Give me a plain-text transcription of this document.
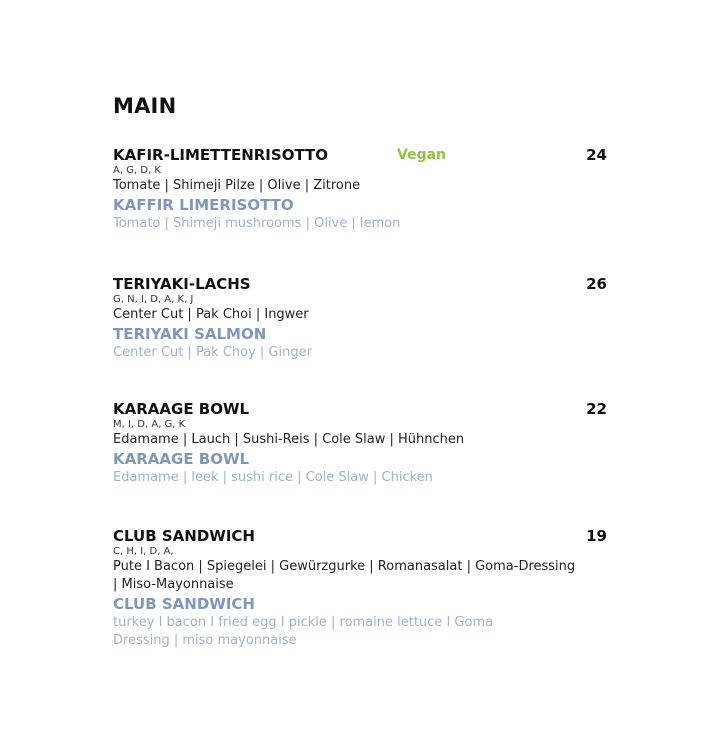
MAIN
KAFIR-LIMETTENRISOTTO	Vegan	24
A, G, D, K
Tomate | Shimeji Pilze | Olive | Zitrone
KAFFIR LIMERISOTTO
Tomato | Shimeji mushrooms | Olive | lemon
TERIYAKI-LACHS	26
G, N, I, D, A, K, J
Center Cut | Pak Choi | Ingwer
TERIYAKI SALMON
Center Cut | Pak Choy | Ginger
KARAAGE BOWL	22
M, I, D, A, G, K
Edamame | Lauch | Sushi-Reis | Cole Slaw | Hühnchen
KARAAGE BOWL
Edamame | leek | sushi rice | Cole Slaw | Chicken
CLUB SANDWICH	19
C, H, I, D, A,
Pute I Bacon | Spiegelei | Gewürzgurke | Romanasalat | Goma-Dressing | Miso-Mayonnaise
CLUB SANDWICH
turkey I bacon I fried egg I pickle | romaine lettuce I Goma Dressing | miso mayonnaise
